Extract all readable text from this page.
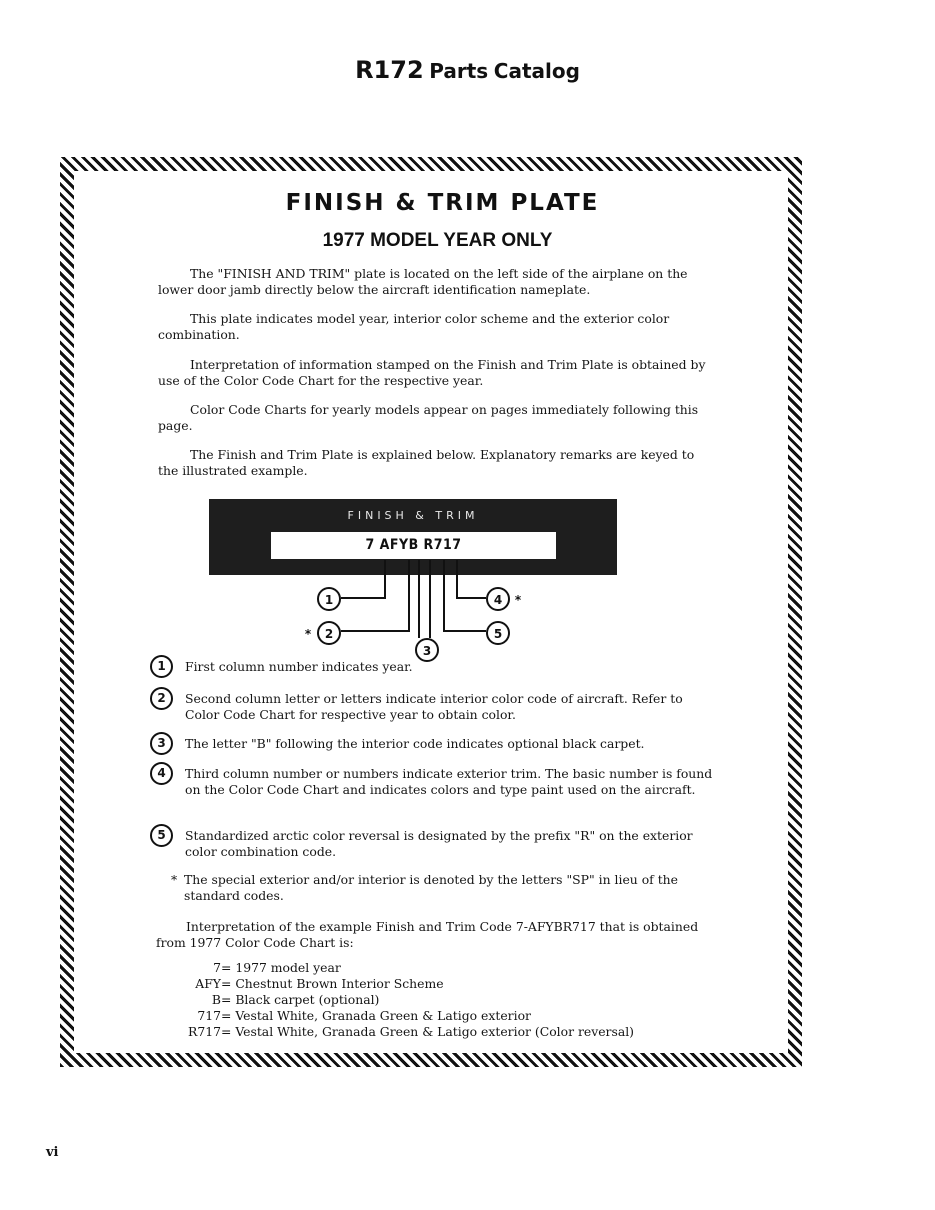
R172 Parts Catalog
FINISH & TRIM PLATE
1977 MODEL YEAR ONLY

The "FINISH AND TRIM" plate is located on the left side of the airplane on the lower door jamb directly below the aircraft identification nameplate.

This plate indicates model year, interior color scheme and the exterior color combination.

Interpretation of information stamped on the Finish and Trim Plate is obtained by use of the Color Code Chart for the respective year.

Color Code Charts for yearly models appear on pages immediately following this page.

The Finish and Trim Plate is explained below. Explanatory remarks are keyed to the illustrated example.

FINISH & TRIM
7 AFYB R717
1
2
3
4
5
*
*
1	First column number indicates year.
2	Second column letter or letters indicate interior color code of aircraft. Refer to Color Code Chart for respective year to obtain color.
3	The letter "B" following the interior code indicates optional black carpet.
4	Third column number or numbers indicate exterior trim. The basic number is found on the Color Code Chart and indicates colors and type paint used on the aircraft.
5	Standardized arctic color reversal is designated by the prefix "R" on the exterior color combination code.
* The special exterior and/or interior is denoted by the letters "SP" in lieu of the standard codes.

Interpretation of the example Finish and Trim Code 7-AFYBR717 that is obtained from 1977 Color Code Chart is:

7 = 1977 model year
AFY = Chestnut Brown Interior Scheme
B = Black carpet (optional)
717 = Vestal White, Granada Green & Latigo exterior
R717 = Vestal White, Granada Green & Latigo exterior (Color reversal)
vi
